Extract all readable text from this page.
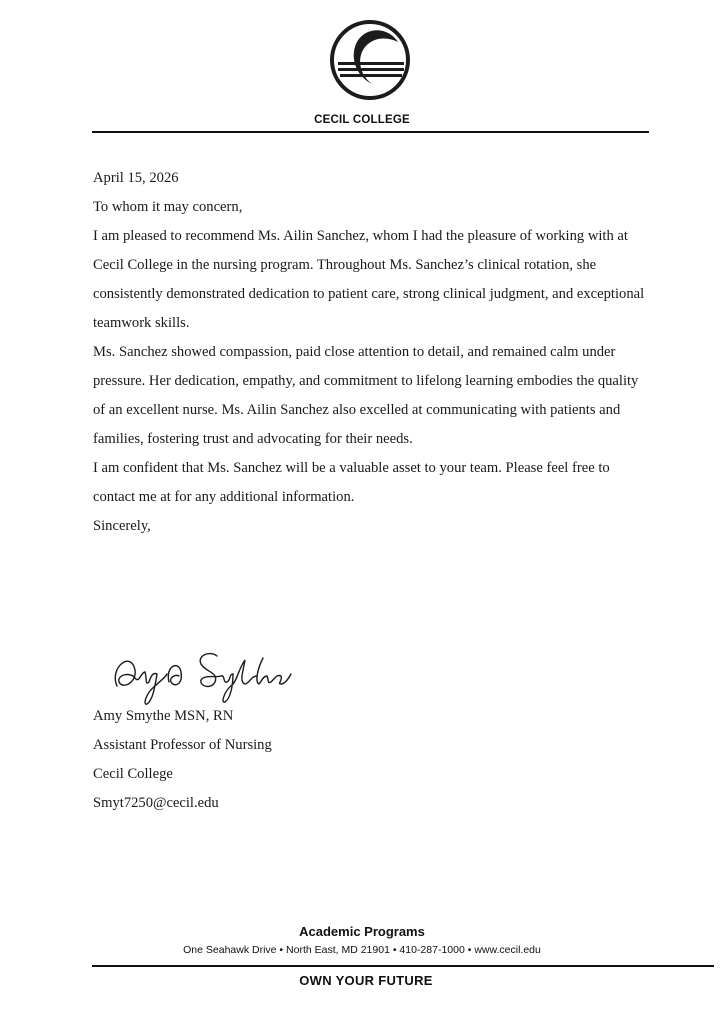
CECIL COLLEGE

April 15, 2026

To whom it may concern,

I am pleased to recommend Ms. Ailin Sanchez, whom I had the pleasure of working with at Cecil College in the nursing program. Throughout Ms. Sanchez’s clinical rotation, she consistently demonstrated dedication to patient care, strong clinical judgment, and exceptional teamwork skills.

Ms. Sanchez showed compassion, paid close attention to detail, and remained calm under pressure. Her dedication, empathy, and commitment to lifelong learning embodies the quality of an excellent nurse. Ms. Ailin Sanchez also excelled at communicating with patients and families, fostering trust and advocating for their needs.

I am confident that Ms. Sanchez will be a valuable asset to your team. Please feel free to contact me at for any additional information.

Sincerely,

Amy Smythe MSN, RN
Assistant Professor of Nursing
Cecil College
Smyt7250@cecil.edu
Academic Programs
One Seahawk Drive • North East, MD 21901 • 410-287-1000 • www.cecil.edu
OWN YOUR FUTURE
